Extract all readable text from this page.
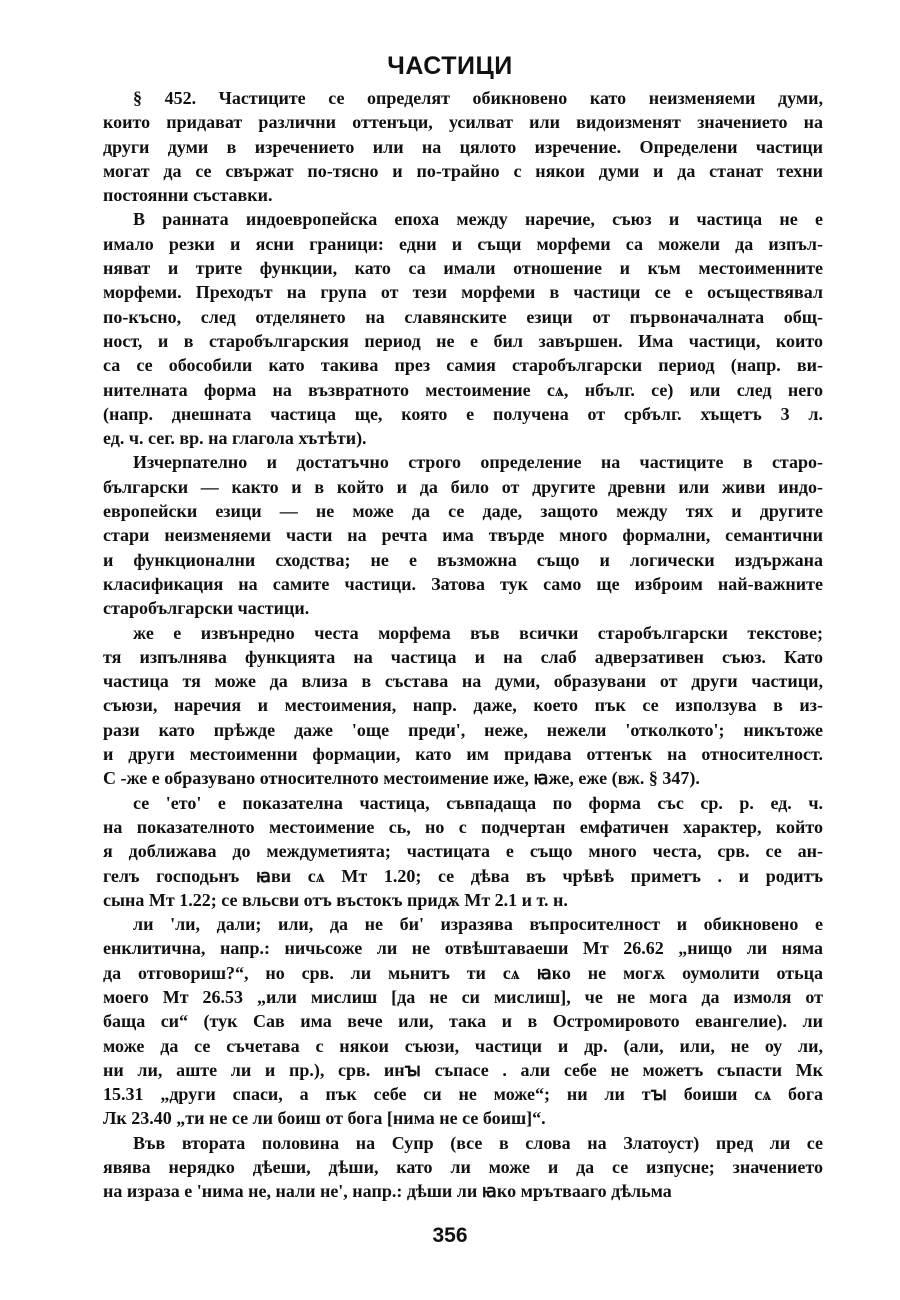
ЧАСТИЦИ
§ 452. Частиците се определят обикновено като неизменяеми думи,
които придават различни оттенъци, усилват или видоизменят значението на
други думи в изречението или на цялото изречение. Определени частици
могат да се свържат по-тясно и по-трайно с някои думи и да станат техни
постоянни съставки.
В ранната индоевропейска епоха между наречие, съюз и частица не е
имало резки и ясни граници: едни и същи морфеми са можели да изпъл-
няват и трите функции, като са имали отношение и към местоименните
морфеми. Преходът на група от тези морфеми в частици се е осъществявал
по-късно, след отделянето на славянските езици от първоначалната общ-
ност, и в старобългарския период не е бил завършен. Има частици, които
са се обособили като такива през самия старобългарски период (напр. ви-
нителната форма на възвратното местоимение сѧ, нбълг. се) или след него
(напр. днешната частица ще, която е получена от србълг. хъщетъ 3 л.
ед. ч. сег. вр. на глагола хътѣти).
Изчерпателно и достатъчно строго определение на частиците в старо-
български — както и в който и да било от другите древни или живи индо-
европейски езици — не може да се даде, защото между тях и другите
стари неизменяеми части на речта има твърде много формални, семантични
и функционални сходства; не е възможна също и логически издържана
класификация на самите частици. Затова тук само ще изброим най-важните
старобългарски частици.
же е извънредно честа морфема във всички старобългарски текстове;
тя изпълнява функцията на частица и на слаб адверзативен съюз. Като
частица тя може да влиза в състава на думи, образувани от други частици,
съюзи, наречия и местоимения, напр. даже, което пък се използува в из-
рази като прѣжде даже 'още преди', неже, нежели 'отколкото'; никътоже
и други местоименни формации, като им придава оттенък на относителност.
С -же е образувано относителното местоимение иже, ꙗже, еже (вж. § 347).
се 'ето' е показателна частица, съвпадаща по форма със ср. р. ед. ч.
на показателното местоимение сь, но с подчертан емфатичен характер, който
я доближава до междуметията; частицата е също много честа, срв. се ан-
гелъ господьнъ ꙗви сѧ Мт 1.20; се дѣва въ чрѣвѣ приметъ . и родитъ
сына Мт 1.22; се вльсви отъ въстокъ придѫ Мт 2.1 и т. н.
ли 'ли, дали; или, да не би' изразява въпросителност и обикновено е
енклитична, напр.: ничьсоже ли не отвѣштаваеши Мт 26.62 „нищо ли няма
да отговориш?“, но срв. ли мьнитъ ти сѧ ꙗко не могѫ оумолити отьца
моего Мт 26.53 „или мислиш [да не си мислиш], че не мога да измоля от
баща си“ (тук Сав има вече или, така и в Остромировото евангелие). ли
може да се съчетава с някои съюзи, частици и др. (али, или, не оу ли,
ни ли, аште ли и пр.), срв. инꙑ съпасе . али себе не можетъ съпасти Мк
15.31 „други спаси, а пък себе си не може“; ни ли тꙑ боиши сѧ бога
Лк 23.40 „ти не се ли боиш от бога [нима не се боиш]“.
Във втората половина на Супр (все в слова на Златоуст) пред ли се
явява нерядко дѣеши, дѣши, като ли може и да се изпусне; значението
на израза е 'нима не, нали не', напр.: дѣши ли ꙗко мрътвааго дѣльма
356
